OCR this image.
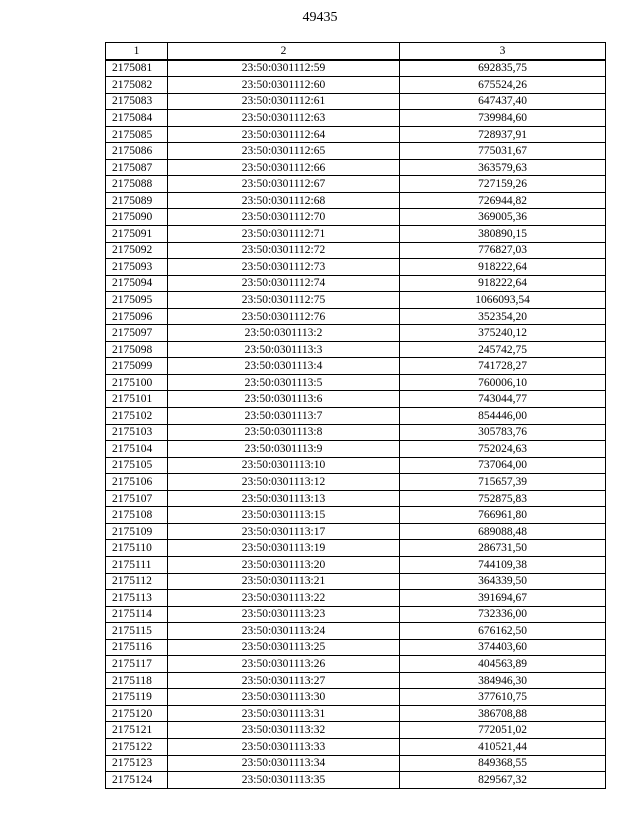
49435
1	2	3
2175081	23:50:0301112:59	692835,75
2175082	23:50:0301112:60	675524,26
2175083	23:50:0301112:61	647437,40
2175084	23:50:0301112:63	739984,60
2175085	23:50:0301112:64	728937,91
2175086	23:50:0301112:65	775031,67
2175087	23:50:0301112:66	363579,63
2175088	23:50:0301112:67	727159,26
2175089	23:50:0301112:68	726944,82
2175090	23:50:0301112:70	369005,36
2175091	23:50:0301112:71	380890,15
2175092	23:50:0301112:72	776827,03
2175093	23:50:0301112:73	918222,64
2175094	23:50:0301112:74	918222,64
2175095	23:50:0301112:75	1066093,54
2175096	23:50:0301112:76	352354,20
2175097	23:50:0301113:2	375240,12
2175098	23:50:0301113:3	245742,75
2175099	23:50:0301113:4	741728,27
2175100	23:50:0301113:5	760006,10
2175101	23:50:0301113:6	743044,77
2175102	23:50:0301113:7	854446,00
2175103	23:50:0301113:8	305783,76
2175104	23:50:0301113:9	752024,63
2175105	23:50:0301113:10	737064,00
2175106	23:50:0301113:12	715657,39
2175107	23:50:0301113:13	752875,83
2175108	23:50:0301113:15	766961,80
2175109	23:50:0301113:17	689088,48
2175110	23:50:0301113:19	286731,50
2175111	23:50:0301113:20	744109,38
2175112	23:50:0301113:21	364339,50
2175113	23:50:0301113:22	391694,67
2175114	23:50:0301113:23	732336,00
2175115	23:50:0301113:24	676162,50
2175116	23:50:0301113:25	374403,60
2175117	23:50:0301113:26	404563,89
2175118	23:50:0301113:27	384946,30
2175119	23:50:0301113:30	377610,75
2175120	23:50:0301113:31	386708,88
2175121	23:50:0301113:32	772051,02
2175122	23:50:0301113:33	410521,44
2175123	23:50:0301113:34	849368,55
2175124	23:50:0301113:35	829567,32
